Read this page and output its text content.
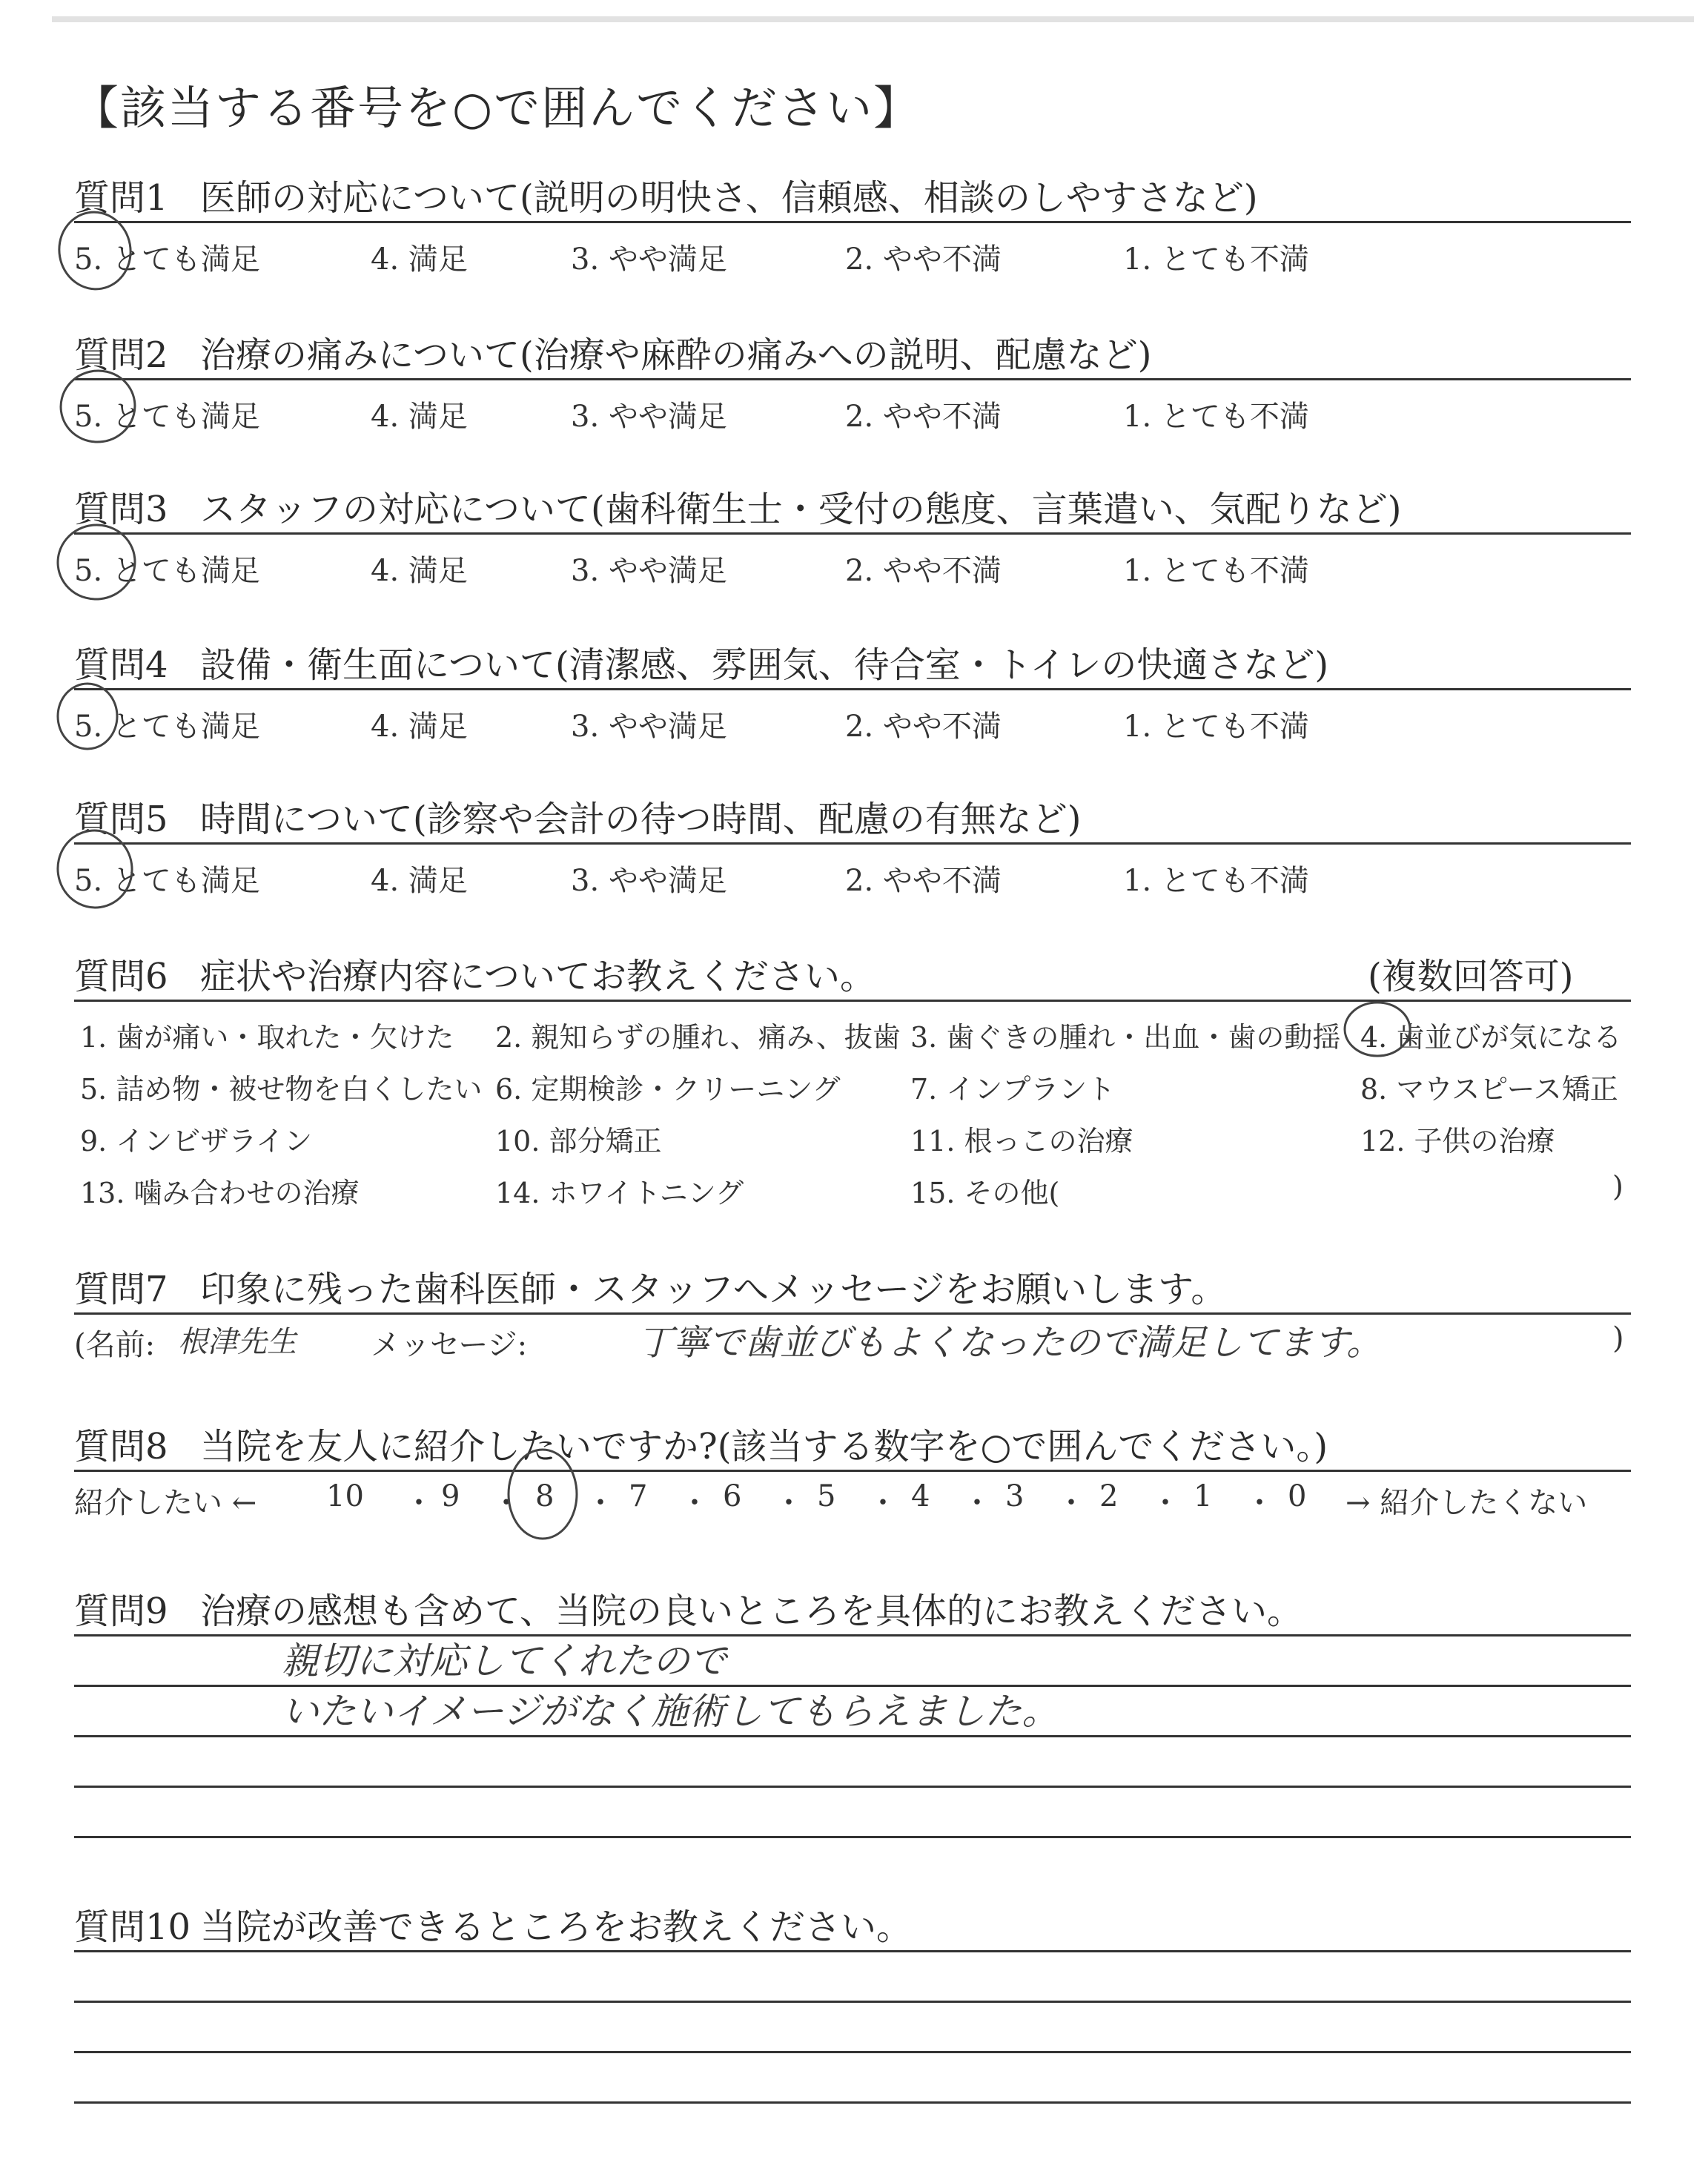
【該当する番号を○で囲んでください】
質問1 医師の対応について(説明の明快さ、信頼感、相談のしやすさなど)
5. とても満足	4. 満足	3. やや満足	2. やや不満	1. とても不満
質問2 治療の痛みについて(治療や麻酔の痛みへの説明、配慮など)
5. とても満足	4. 満足	3. やや満足	2. やや不満	1. とても不満
質問3 スタッフの対応について(歯科衛生士・受付の態度、言葉遣い、気配りなど)
5. とても満足	4. 満足	3. やや満足	2. やや不満	1. とても不満
質問4 設備・衛生面について(清潔感、雰囲気、待合室・トイレの快適さなど)
5. とても満足	4. 満足	3. やや満足	2. やや不満	1. とても不満
質問5 時間について(診察や会計の待つ時間、配慮の有無など)
5. とても満足	4. 満足	3. やや満足	2. やや不満	1. とても不満
質問6 症状や治療内容についてお教えください。	(複数回答可)
1. 歯が痛い・取れた・欠けた 2. 親知らずの腫れ、痛み、抜歯 3. 歯ぐきの腫れ・出血・歯の動揺 4. 歯並びが気になる
5. 詰め物・被せ物を白くしたい 6. 定期検診・クリーニング 7. インプラント	8. マウスピース矯正
9. インビザライン	10. 部分矯正	11. 根っこの治療	12. 子供の治療
13. 噛み合わせの治療	14. ホワイトニング	15. その他(	)
質問7 印象に残った歯科医師・スタッフへメッセージをお願いします。
(名前: 根津先生	メッセージ:	丁寧で歯並びもよくなったので満足してます。	)
質問8 当院を友人に紹介したいですか?(該当する数字を○で囲んでください。)
紹介したい ← 10 ・ 9 ・ 8 ・ 7 ・ 6 ・ 5 ・ 4 ・ 3 ・ 2 ・ 1 ・ 0 → 紹介したくない
質問9 治療の感想も含めて、当院の良いところを具体的にお教えください。
親切に対応してくれたので
いたいイメージがなく施術してもらえました。
質問10 当院が改善できるところをお教えください。
